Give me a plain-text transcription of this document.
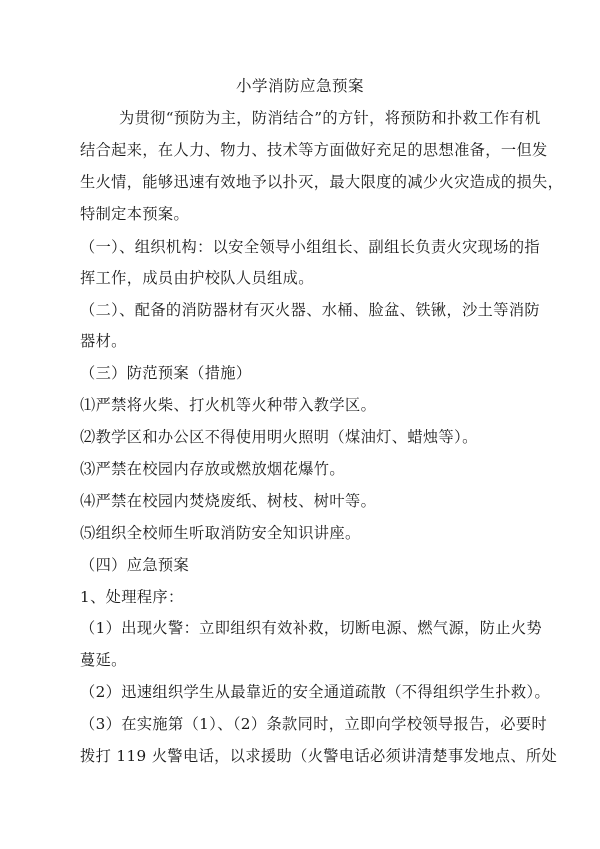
小学消防应急预案
为贯彻“预防为主，防消结合”的方针，将预防和扑救工作有机
结合起来，在人力、物力、技术等方面做好充足的思想准备，一但发
生火情，能够迅速有效地予以扑灭，最大限度的减少火灾造成的损失，
特制定本预案。
（一）、组织机构：以安全领导小组组长、副组长负责火灾现场的指
挥工作，成员由护校队人员组成。
（二）、配备的消防器材有灭火器、水桶、脸盆、铁锹，沙土等消防
器材。
（三）防范预案（措施）
⑴严禁将火柴、打火机等火种带入教学区。
⑵教学区和办公区不得使用明火照明（煤油灯、蜡烛等）。
⑶严禁在校园内存放或燃放烟花爆竹。
⑷严禁在校园内焚烧废纸、树枝、树叶等。
⑸组织全校师生听取消防安全知识讲座。
（四）应急预案
1、处理程序：
（1）出现火警：立即组织有效补救，切断电源、燃气源，防止火势
蔓延。
（2）迅速组织学生从最靠近的安全通道疏散（不得组织学生扑救）。
（3）在实施第（1）、（2）条款同时，立即向学校领导报告，必要时
拨打 119 火警电话，以求援助（火警电话必须讲清楚事发地点、所处
